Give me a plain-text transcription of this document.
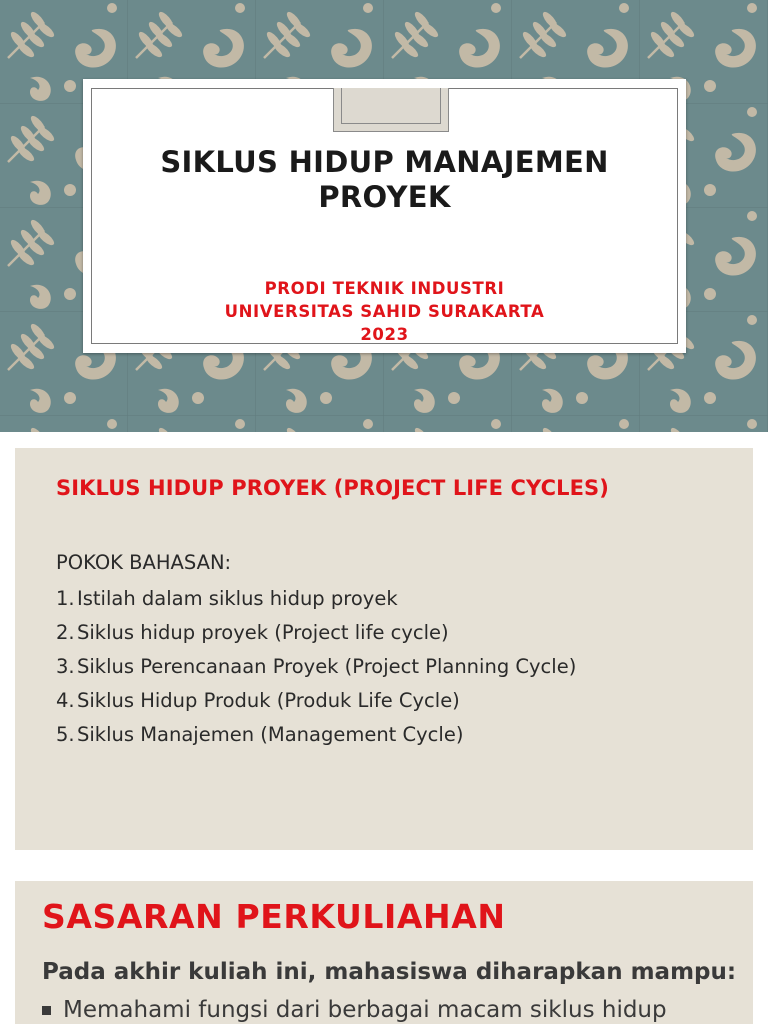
SIKLUS HIDUP MANAJEMEN
PROYEK
PRODI TEKNIK INDUSTRI
UNIVERSITAS SAHID SURAKARTA
2023
SIKLUS HIDUP PROYEK (PROJECT LIFE CYCLES)
POKOK BAHASAN:
1. Istilah dalam siklus hidup proyek
2. Siklus hidup proyek (Project life cycle)
3. Siklus Perencanaan Proyek (Project Planning Cycle)
4. Siklus Hidup Produk (Produk Life Cycle)
5. Siklus Manajemen (Management Cycle)
SASARAN PERKULIAHAN
Pada akhir kuliah ini, mahasiswa diharapkan mampu:
Memahami fungsi dari berbagai macam siklus hidup
